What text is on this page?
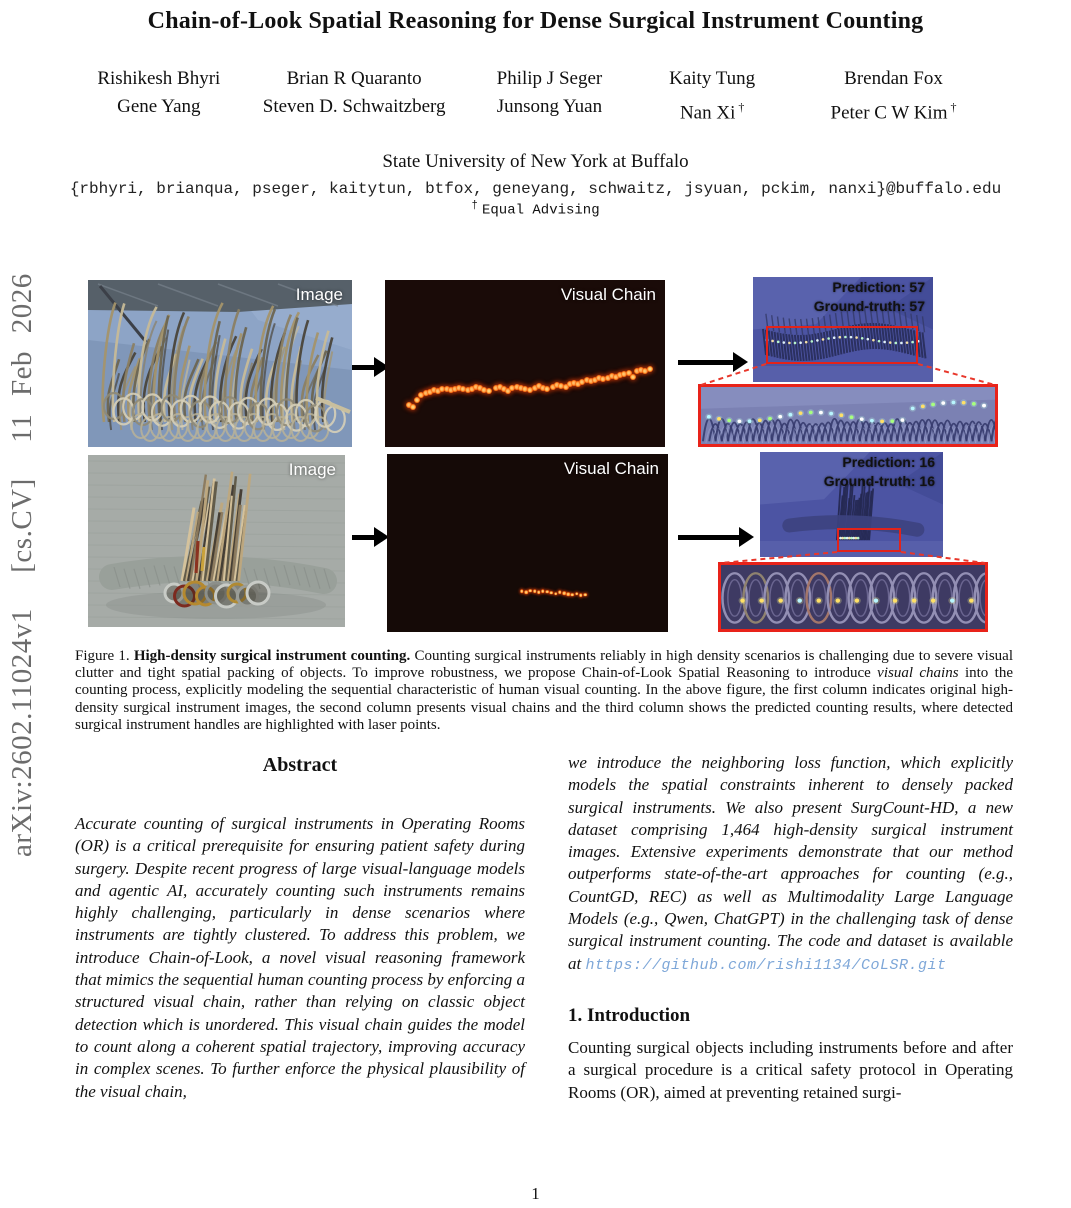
arXiv:2602.11024v1  [cs.CV]  11 Feb 2026
Chain-of-Look Spatial Reasoning for Dense Surgical Instrument Counting
Rishikesh Bhyri	Brian R Quaranto	Philip J Seger	Kaity Tung	Brendan Fox
Gene Yang	Steven D. Schwaitzberg	Junsong Yuan	Nan Xi †	Peter C W Kim †
State University of New York at Buffalo
{rbhyri, brianqua, pseger, kaitytun, btfox, geneyang, schwaitz, jsyuan, pckim, nanxi}@buffalo.edu
† Equal Advising
Image	Visual Chain	Prediction: 57
Ground-truth: 57
Image	Visual Chain	Prediction: 16
Ground-truth: 16
Figure 1. High-density surgical instrument counting. Counting surgical instruments reliably in high density scenarios is challenging due to severe visual clutter and tight spatial packing of objects. To improve robustness, we propose Chain-of-Look Spatial Reasoning to introduce visual chains into the counting process, explicitly modeling the sequential characteristic of human visual counting. In the above figure, the first column indicates original high-density surgical instrument images, the second column presents visual chains and the third column shows the predicted counting results, where detected surgical instrument handles are highlighted with laser points.
Abstract

Accurate counting of surgical instruments in Operating Rooms (OR) is a critical prerequisite for ensuring patient safety during surgery. Despite recent progress of large visual-language models and agentic AI, accurately counting such instruments remains highly challenging, particularly in dense scenarios where instruments are tightly clustered. To address this problem, we introduce Chain-of-Look, a novel visual reasoning framework that mimics the sequential human counting process by enforcing a structured visual chain, rather than relying on classic object detection which is unordered. This visual chain guides the model to count along a coherent spatial trajectory, improving accuracy in complex scenes. To further enforce the physical plausibility of the visual chain,

we introduce the neighboring loss function, which explicitly models the spatial constraints inherent to densely packed surgical instruments. We also present SurgCount-HD, a new dataset comprising 1,464 high-density surgical instrument images. Extensive experiments demonstrate that our method outperforms state-of-the-art approaches for counting (e.g., CountGD, REC) as well as Multimodality Large Language Models (e.g., Qwen, ChatGPT) in the challenging task of dense surgical instrument counting. The code and dataset is available at https://github.com/rishi1134/CoLSR.git

1. Introduction

Counting surgical objects including instruments before and after a surgical procedure is a critical safety protocol in Operating Rooms (OR), aimed at preventing retained surgi-

1
